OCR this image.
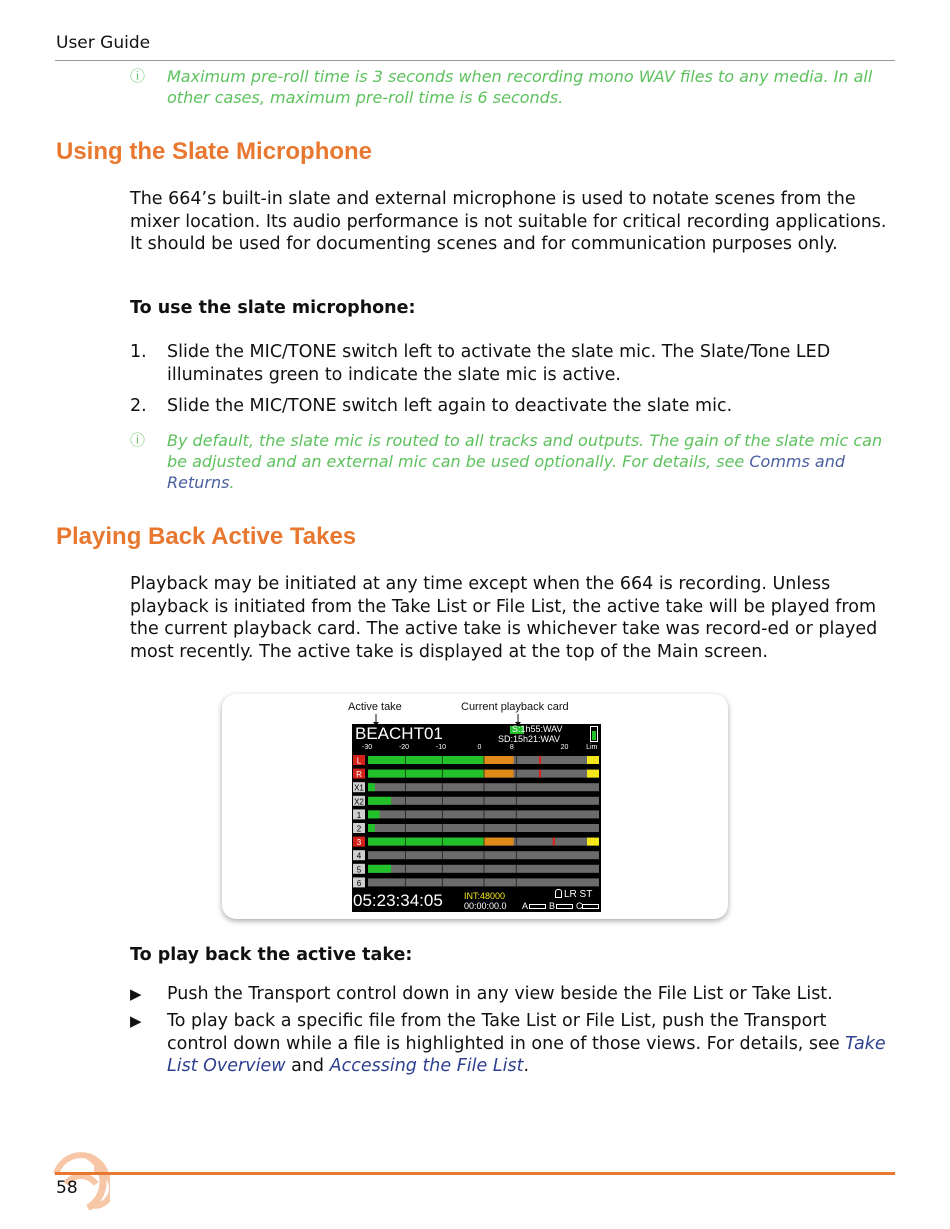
User Guide
ⓘ Maximum pre-roll time is 3 seconds when recording mono WAV files to any media. In all other cases, maximum pre-roll time is 6 seconds.
Using the Slate Microphone
The 664’s built-in slate and external microphone is used to notate scenes from the mixer location. Its audio performance is not suitable for critical recording applications. It should be used for documenting scenes and for communication purposes only.
To use the slate microphone:
1. Slide the MIC/TONE switch left to activate the slate mic. The Slate/Tone LED illuminates green to indicate the slate mic is active.
2. Slide the MIC/TONE switch left again to deactivate the slate mic.
ⓘ By default, the slate mic is routed to all tracks and outputs. The gain of the slate mic can be adjusted and an external mic can be used optionally. For details, see Comms and Returns.
Playing Back Active Takes
Playback may be initiated at any time except when the 664 is recording. Unless playback is initiated from the Take List or File List, the active take will be played from the current playback card. The active take is whichever take was record-ed or played most recently. The active take is displayed at the top of the Main screen.
Active take	Current playback card
BEACHT01	S:1h55:WAV
SD:15h21:WAV
-30	-20	-10	0	8	20	Lim
L
R
X1
X2
1
2
3
4
5
6
05:23:34:05 INT:48000
00:00:00.0
LR ST
A B C
To play back the active take:
▶ Push the Transport control down in any view beside the File List or Take List.
▶ To play back a specific file from the Take List or File List, push the Transport control down while a file is highlighted in one of those views. For details, see Take List Overview and Accessing the File List.
58
